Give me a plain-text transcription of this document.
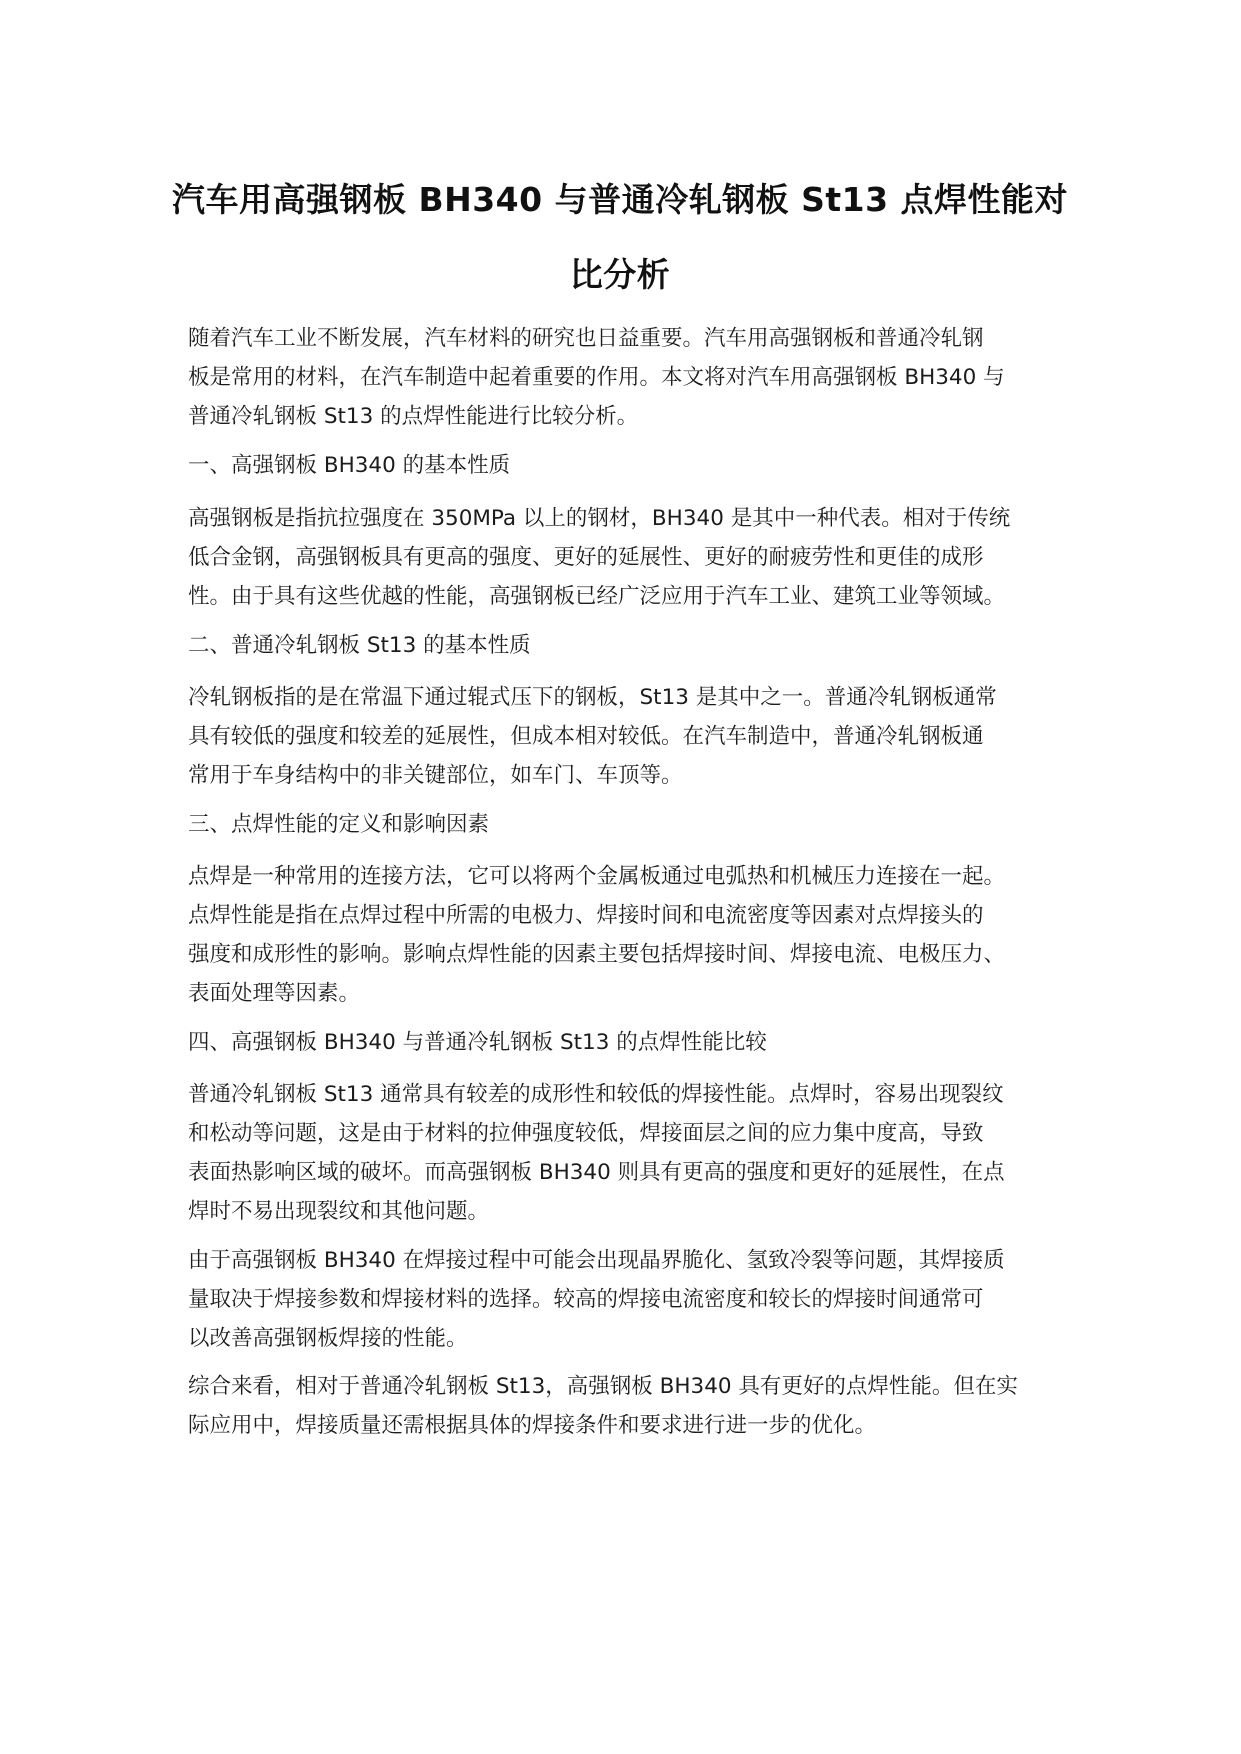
汽车用高强钢板 BH340 与普通冷轧钢板 St13 点焊性能对
比分析
随着汽车工业不断发展，汽车材料的研究也日益重要。汽车用高强钢板和普通冷轧钢
板是常用的材料，在汽车制造中起着重要的作用。本文将对汽车用高强钢板 BH340 与
普通冷轧钢板 St13 的点焊性能进行比较分析。
一、高强钢板 BH340 的基本性质
高强钢板是指抗拉强度在 350MPa 以上的钢材，BH340 是其中一种代表。相对于传统
低合金钢，高强钢板具有更高的强度、更好的延展性、更好的耐疲劳性和更佳的成形
性。由于具有这些优越的性能，高强钢板已经广泛应用于汽车工业、建筑工业等领域。
二、普通冷轧钢板 St13 的基本性质
冷轧钢板指的是在常温下通过辊式压下的钢板，St13 是其中之一。普通冷轧钢板通常
具有较低的强度和较差的延展性，但成本相对较低。在汽车制造中，普通冷轧钢板通
常用于车身结构中的非关键部位，如车门、车顶等。
三、点焊性能的定义和影响因素
点焊是一种常用的连接方法，它可以将两个金属板通过电弧热和机械压力连接在一起。
点焊性能是指在点焊过程中所需的电极力、焊接时间和电流密度等因素对点焊接头的
强度和成形性的影响。影响点焊性能的因素主要包括焊接时间、焊接电流、电极压力、
表面处理等因素。
四、高强钢板 BH340 与普通冷轧钢板 St13 的点焊性能比较
普通冷轧钢板 St13 通常具有较差的成形性和较低的焊接性能。点焊时，容易出现裂纹
和松动等问题，这是由于材料的拉伸强度较低，焊接面层之间的应力集中度高，导致
表面热影响区域的破坏。而高强钢板 BH340 则具有更高的强度和更好的延展性，在点
焊时不易出现裂纹和其他问题。
由于高强钢板 BH340 在焊接过程中可能会出现晶界脆化、氢致冷裂等问题，其焊接质
量取决于焊接参数和焊接材料的选择。较高的焊接电流密度和较长的焊接时间通常可
以改善高强钢板焊接的性能。
综合来看，相对于普通冷轧钢板 St13，高强钢板 BH340 具有更好的点焊性能。但在实
际应用中，焊接质量还需根据具体的焊接条件和要求进行进一步的优化。
